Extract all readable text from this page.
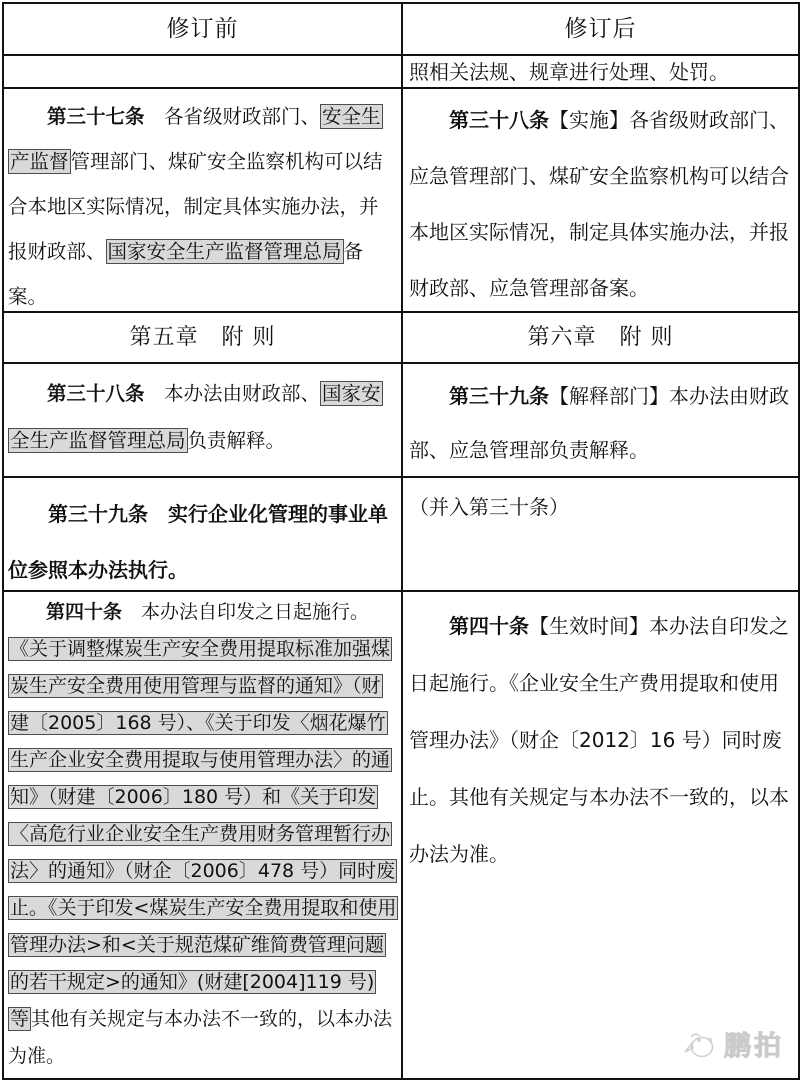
修订前	修订后

照相关法规、规章进行处理、处罚。

第三十七条　各省级财政部门、 安全生产监督 管理部门、煤矿安全监察机构可以结合本地区实际情况，制定具体实施办法，并报财政部、 国家安全生产监督管理总局 备案。

第三十八条【实施】各省级财政部门、应急管理部门、煤矿安全监察机构可以结合本地区实际情况，制定具体实施办法，并报财政部、应急管理部备案。

第五章　附 则	第六章　附 则

第三十八条　本办法由财政部、 国家安全生产监督管理总局 负责解释。

第三十九条【解释部门】本办法由财政部、应急管理部负责解释。

第三十九条　实行企业化管理的事业单位参照本办法执行。

（并入第三十条）

第四十条　本办法自印发之日起施行。《关于调整煤炭生产安全费用提取标准加强煤炭生产安全费用使用管理与监督的通知》（财建〔2005〕168 号）、《关于印发〈烟花爆竹生产企业安全费用提取与使用管理办法〉的通知》（财建〔2006〕180 号）和《关于印发〈高危行业企业安全生产费用财务管理暂行办法〉的通知》（财企〔2006〕478 号）同时废止。《关于印发<煤炭生产安全费用提取和使用管理办法>和<关于规范煤矿维简费管理问题的若干规定>的通知》(财建[2004]119 号) 等 其他有关规定与本办法不一致的，以本办法为准。

第四十条【生效时间】本办法自印发之日起施行。《企业安全生产费用提取和使用管理办法》（财企〔2012〕16 号）同时废止。其他有关规定与本办法不一致的，以本办法为准。

鹏拍
